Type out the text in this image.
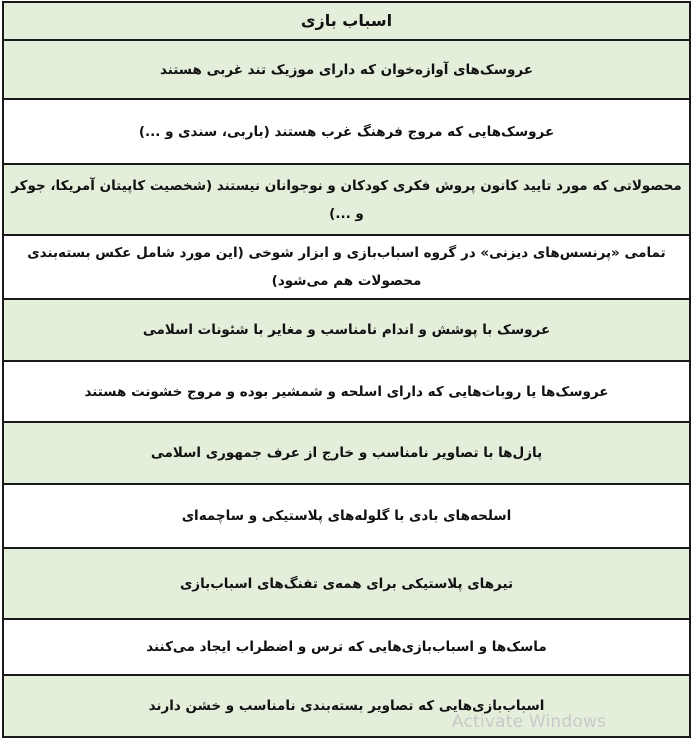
اسباب بازی
عروسک‌های آوازه‌خوان که دارای موزیک تند غربی هستند
عروسک‌هایی که مروج فرهنگ غرب هستند (باربی، سندی و ...)
محصولاتی که مورد تایید کانون پروش فکری کودکان و نوجوانان نیستند (شخصیت کاپیتان آمریکا، جوکر و ...)
تمامی «پرنسس‌های دیزنی» در گروه اسباب‌بازی و ابزار شوخی (این مورد شامل عکس بسته‌بندی محصولات هم می‌شود)
عروسک با پوشش و اندام نامناسب و مغایر با شئونات اسلامی
عروسک‌ها یا روبات‌هایی که دارای اسلحه و شمشیر بوده و مروج خشونت هستند
پازل‌ها با تصاویر نامناسب و خارج از عرف جمهوری اسلامی
اسلحه‌های بادی با گلوله‌های پلاستیکی و ساچمه‌ای
تیرهای پلاستیکی برای همه‌ی تفنگ‌های اسباب‌بازی
ماسک‌ها و اسباب‌بازی‌هایی که ترس و اضطراب ایجاد می‌کنند
اسباب‌بازی‌هایی که تصاویر بسته‌بندی نامناسب و خشن دارند
Activate Windows
